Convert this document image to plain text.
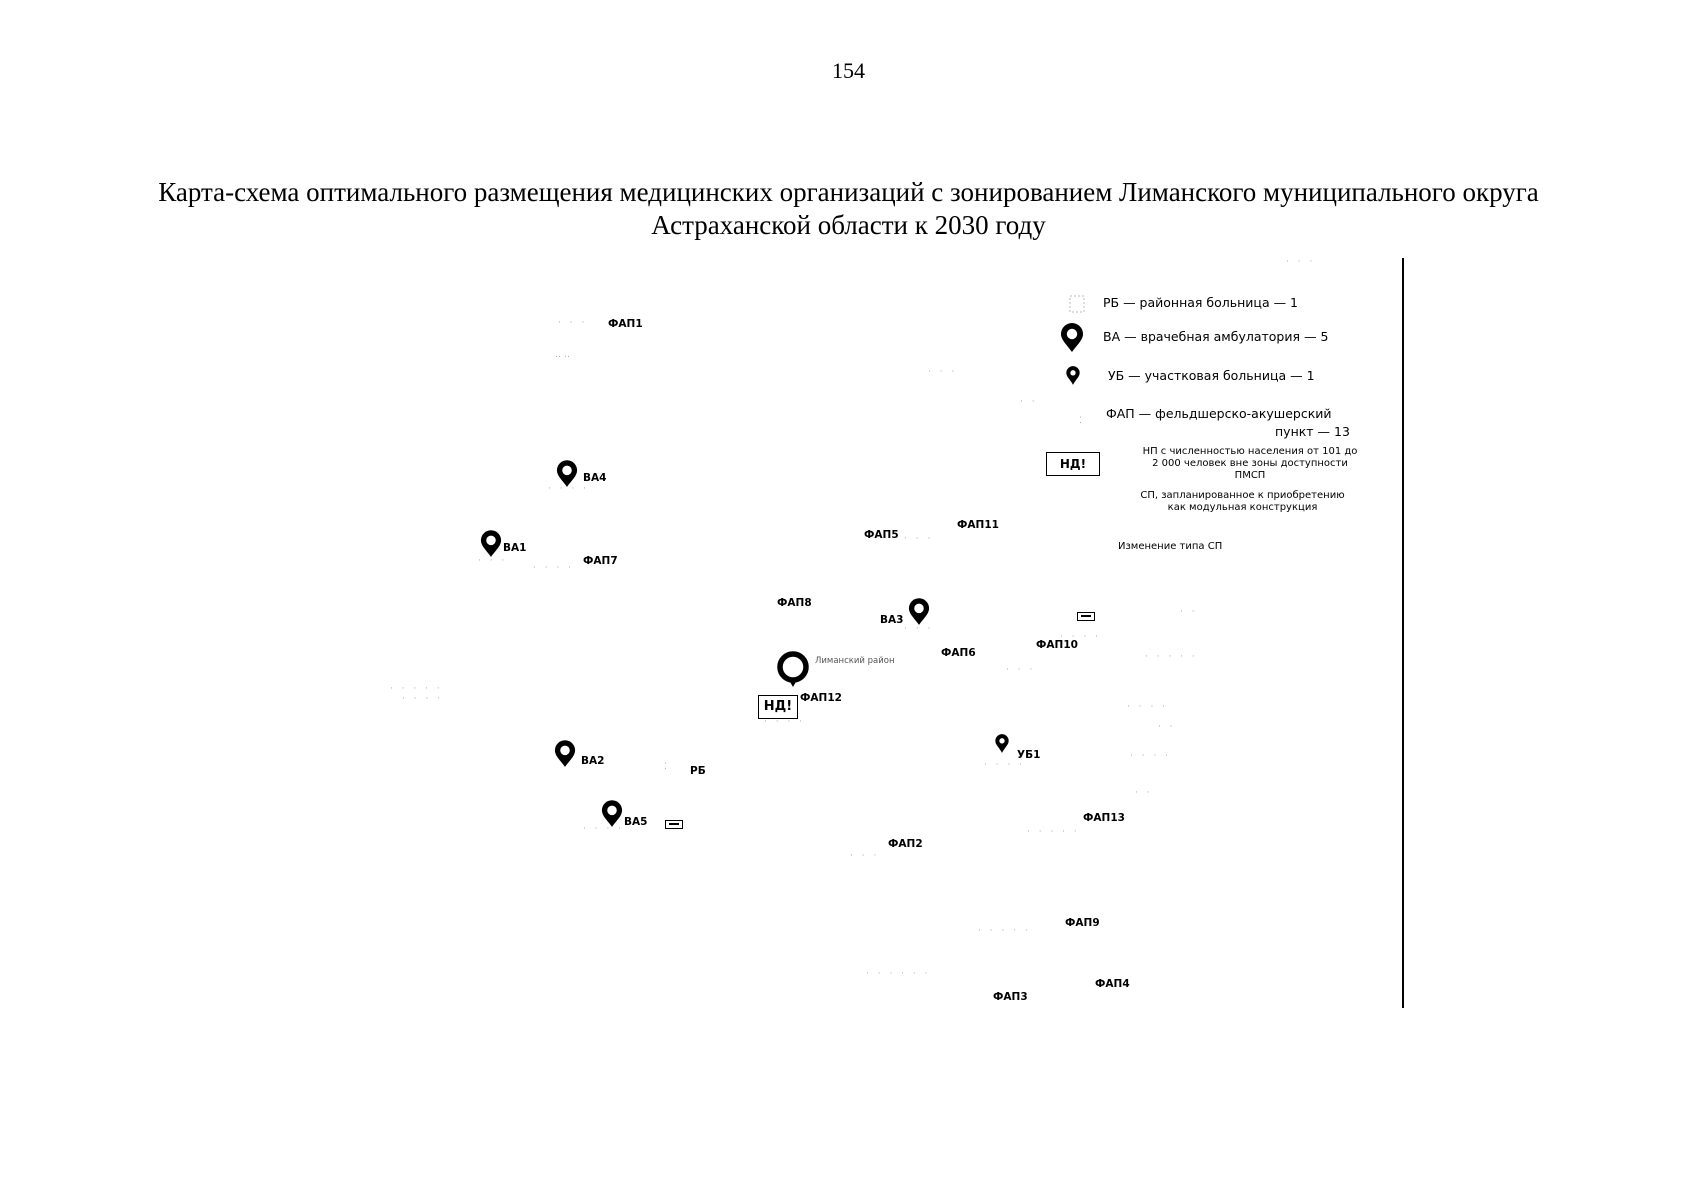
154
Карта-схема оптимального размещения медицинских организаций с зонированием Лиманского муниципального округа
Астраханской области к 2030 году
Лиманский район
НД!
ВА4
ВА1
ВА3
ВА2
ВА5
УБ1
⁚ РБ
ФАП1
ФАП7
ФАП8
ФАП5
ФАП11
ФАП6
ФАП10
ФАП12
ФАП13
ФАП2
ФАП9
ФАП4
ФАП3
· · ·
‥‥
· · ·
· ·
· · · ·
· · ·
· · · ·
· · ·
· · ·
· · ·
· · · ·
· ·
· · · · ·
· · · · ·
· · · ·
· · · ·
· · · ·
· ·
· · · ·
· ·
· · · ·
· · · · ·
· · · ·
· · ·
· · · · ·
· · · · · ·
· · ·
РБ — районная больница — 1
ВА — врачебная амбулатория — 5
УБ — участковая больница — 1
⁚ ФАП — фельдшерско-акушерский
пункт — 13
НД!
НП с численностью населения от 101 до
2 000 человек вне зоны доступности
ПМСП
СП, запланированное к приобретению
как модульная конструкция
Изменение типа СП
